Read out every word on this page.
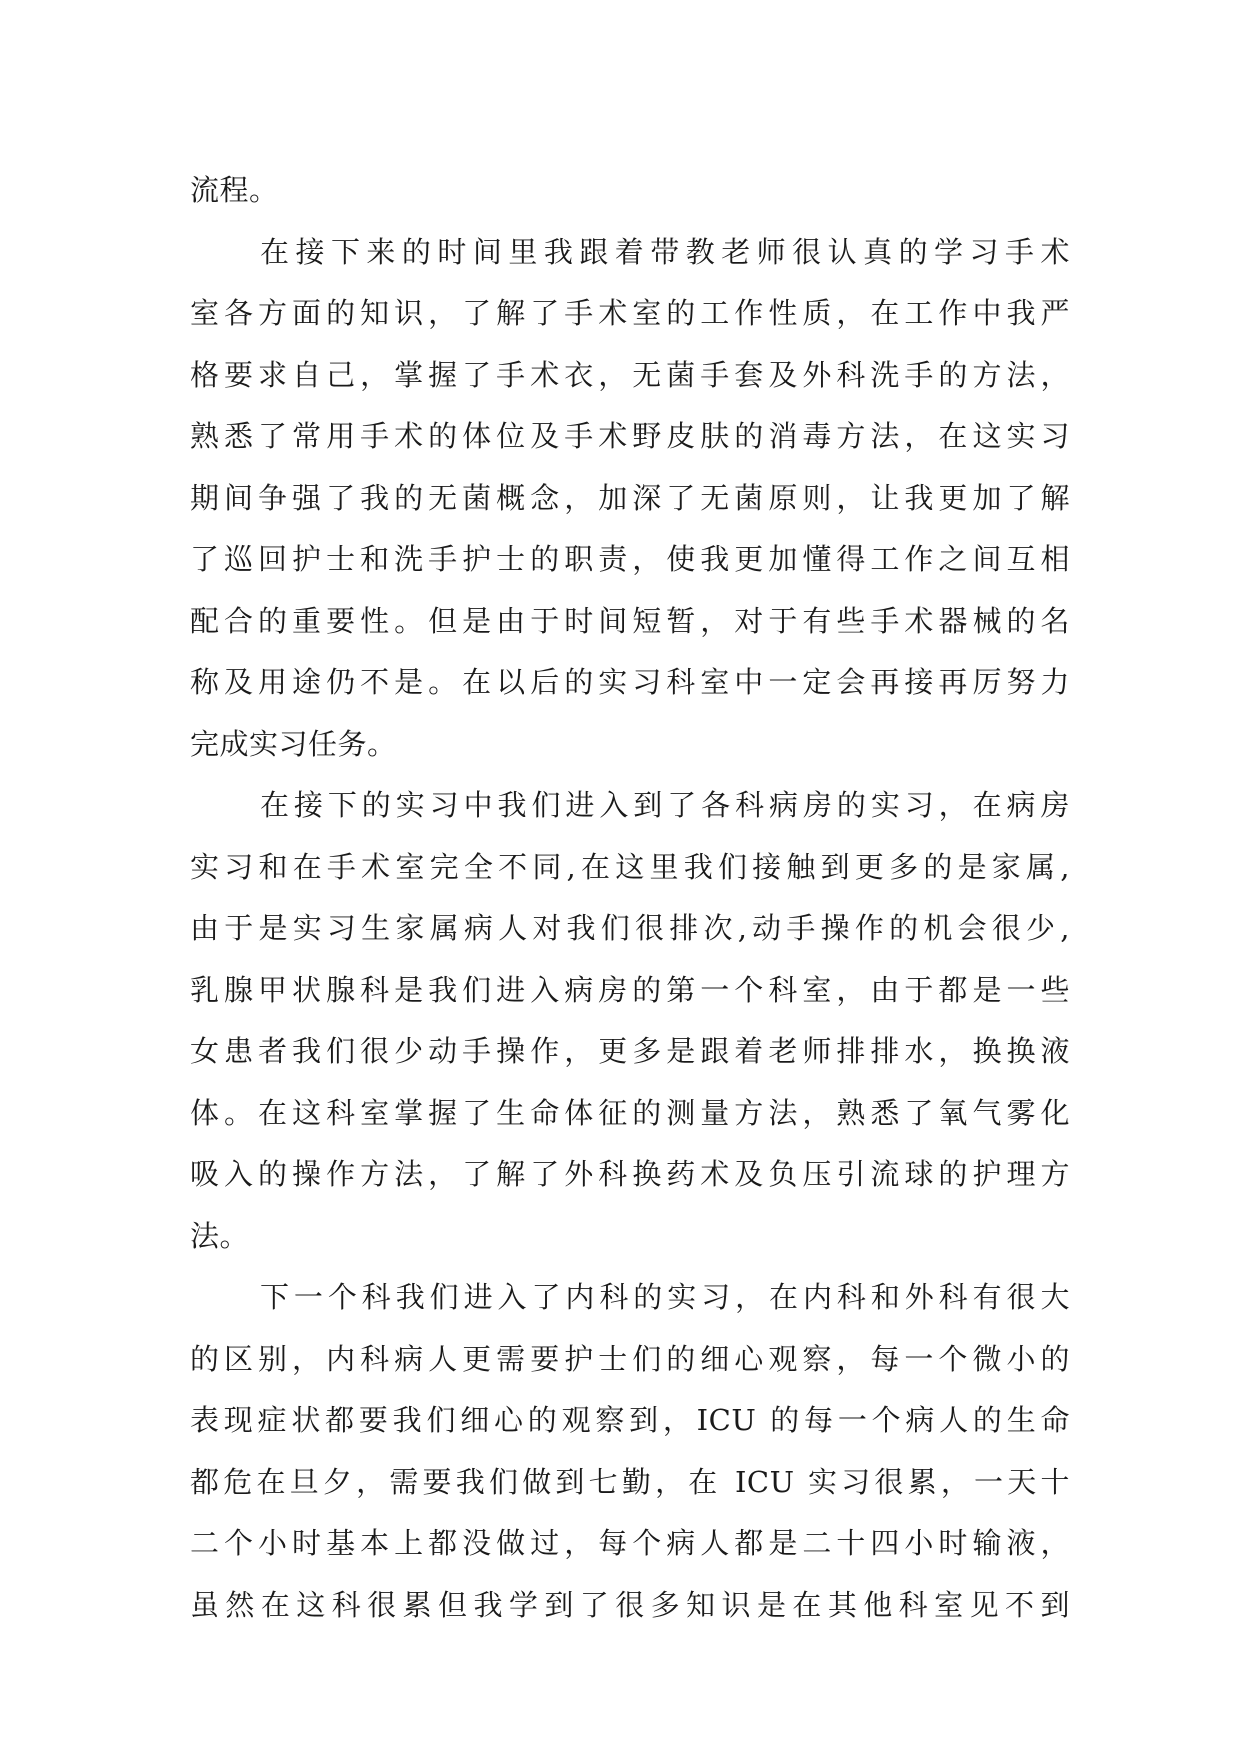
流程。
在接下来的时间里我跟着带教老师很认真的学习手术
室各方面的知识，了解了手术室的工作性质，在工作中我严
格要求自己，掌握了手术衣，无菌手套及外科洗手的方法，
熟悉了常用手术的体位及手术野皮肤的消毒方法，在这实习
期间争强了我的无菌概念，加深了无菌原则，让我更加了解
了巡回护士和洗手护士的职责，使我更加懂得工作之间互相
配合的重要性。但是由于时间短暂，对于有些手术器械的名
称及用途仍不是。在以后的实习科室中一定会再接再厉努力
完成实习任务。
在接下的实习中我们进入到了各科病房的实习，在病房
实习和在手术室完全不同,在这里我们接触到更多的是家属,
由于是实习生家属病人对我们很排次,动手操作的机会很少,
乳腺甲状腺科是我们进入病房的第一个科室，由于都是一些
女患者我们很少动手操作，更多是跟着老师排排水，换换液
体。在这科室掌握了生命体征的测量方法，熟悉了氧气雾化
吸入的操作方法，了解了外科换药术及负压引流球的护理方
法。
下一个科我们进入了内科的实习，在内科和外科有很大
的区别，内科病人更需要护士们的细心观察，每一个微小的
表现症状都要我们细心的观察到，ICU 的每一个病人的生命
都危在旦夕，需要我们做到七勤，在 ICU 实习很累，一天十
二个小时基本上都没做过，每个病人都是二十四小时输液，
虽然在这科很累但我学到了很多知识是在其他科室见不到
